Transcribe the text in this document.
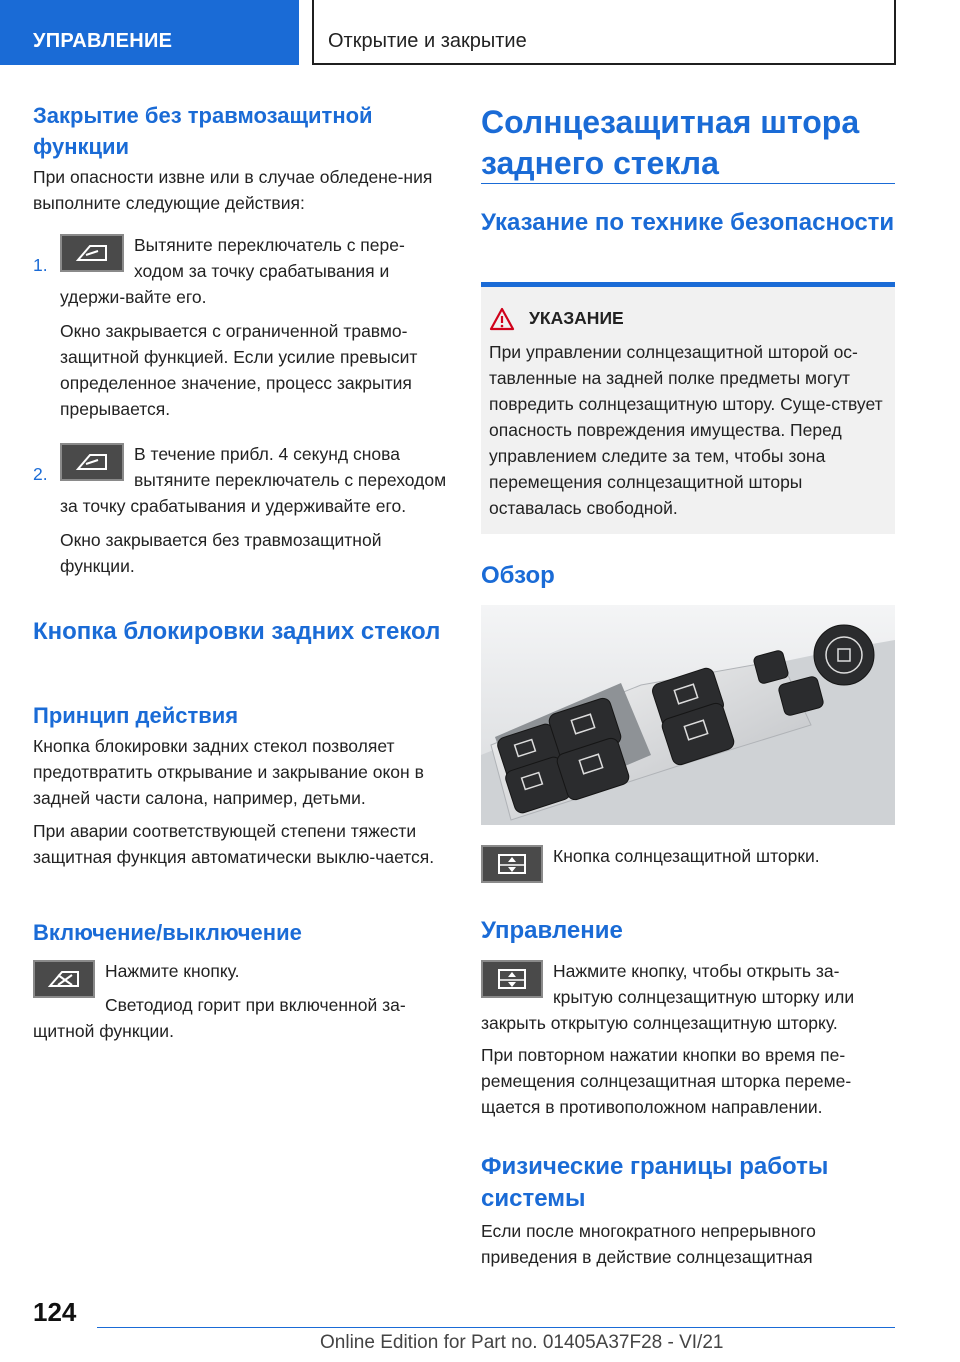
УПРАВЛЕНИЕ	Открытие и закрытие
Закрытие без травмозащитной функции

При опасности извне или в случае обледене-ния выполните следующие действия:

1.

Вытяните переключатель с пере-ходом за точку срабатывания и удержи-вайте его.

Окно закрывается с ограниченной травмо-защитной функцией. Если усилие превысит определенное значение, процесс закрытия прерывается.

2.

В течение прибл. 4 секунд снова вытяните переключатель с переходом за точку срабатывания и удерживайте его.

Окно закрывается без травмозащитной функции.

Кнопка блокировки задних стекол
Принцип действия

Кнопка блокировки задних стекол позволяет предотвратить открывание и закрывание окон в задней части салона, например, детьми.

При аварии соответствующей степени тяжести защитная функция автоматически выклю-чается.

Включение/выключение

Нажмите кнопку.

Светодиод горит при включенной за-щитной функции.

Солнцезащитная штора заднего стекла
Указание по технике безопасности
УКАЗАНИЕ

При управлении солнцезащитной шторой ос-тавленные на задней полке предметы могут повредить солнцезащитную штору. Суще-ствует опасность повреждения имущества. Перед управлением следите за тем, чтобы зона перемещения солнцезащитной шторы оставалась свободной.

Обзор

Кнопка солнцезащитной шторки.

Управление

Нажмите кнопку, чтобы открыть за-крытую солнцезащитную шторку или закрыть открытую солнцезащитную шторку.

При повторном нажатии кнопки во время пе-ремещения солнцезащитная шторка переме-щается в противоположном направлении.

Физические границы работы системы

Если после многократного непрерывного приведения в действие солнцезащитная

124
Online Edition for Part no. 01405A37F28 - VI/21
